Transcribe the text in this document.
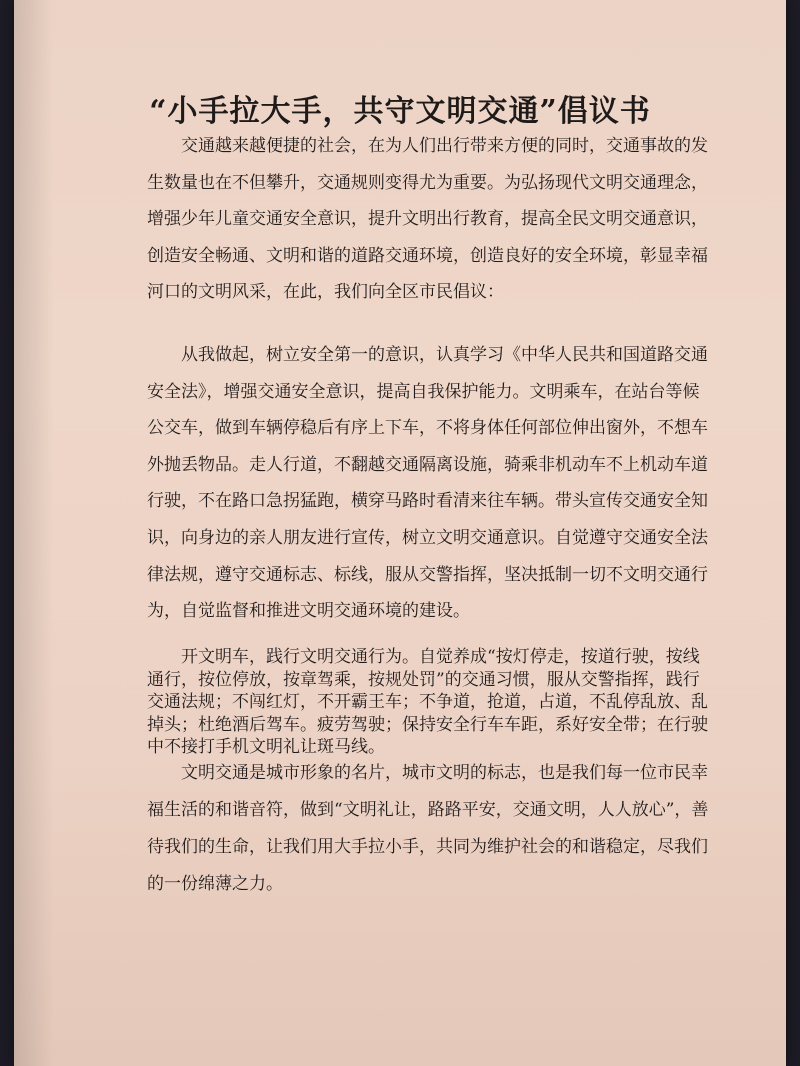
“小手拉大手，共守文明交通”倡议书

交通越来越便捷的社会，在为人们出行带来方便的同时，交通事故的发生数量也在不但攀升，交通规则变得尤为重要。为弘扬现代文明交通理念，增强少年儿童交通安全意识，提升文明出行教育，提高全民文明交通意识，创造安全畅通、文明和谐的道路交通环境，创造良好的安全环境，彰显幸福河口的文明风采，在此，我们向全区市民倡议：

从我做起，树立安全第一的意识，认真学习《中华人民共和国道路交通安全法》，增强交通安全意识，提高自我保护能力。文明乘车，在站台等候公交车，做到车辆停稳后有序上下车，不将身体任何部位伸出窗外，不想车外抛丢物品。走人行道，不翻越交通隔离设施，骑乘非机动车不上机动车道行驶，不在路口急拐猛跑，横穿马路时看清来往车辆。带头宣传交通安全知识，向身边的亲人朋友进行宣传，树立文明交通意识。自觉遵守交通安全法律法规，遵守交通标志、标线，服从交警指挥，坚决抵制一切不文明交通行为，自觉监督和推进文明交通环境的建设。

开文明车，践行文明交通行为。自觉养成“按灯停走，按道行驶，按线通行，按位停放，按章驾乘，按规处罚”的交通习惯，服从交警指挥，践行交通法规；不闯红灯，不开霸王车；不争道，抢道，占道，不乱停乱放、乱掉头；杜绝酒后驾车。疲劳驾驶；保持安全行车车距，系好安全带；在行驶中不接打手机文明礼让斑马线。

文明交通是城市形象的名片，城市文明的标志，也是我们每一位市民幸福生活的和谐音符，做到“文明礼让，路路平安，交通文明，人人放心”，善待我们的生命，让我们用大手拉小手，共同为维护社会的和谐稳定，尽我们的一份绵薄之力。
